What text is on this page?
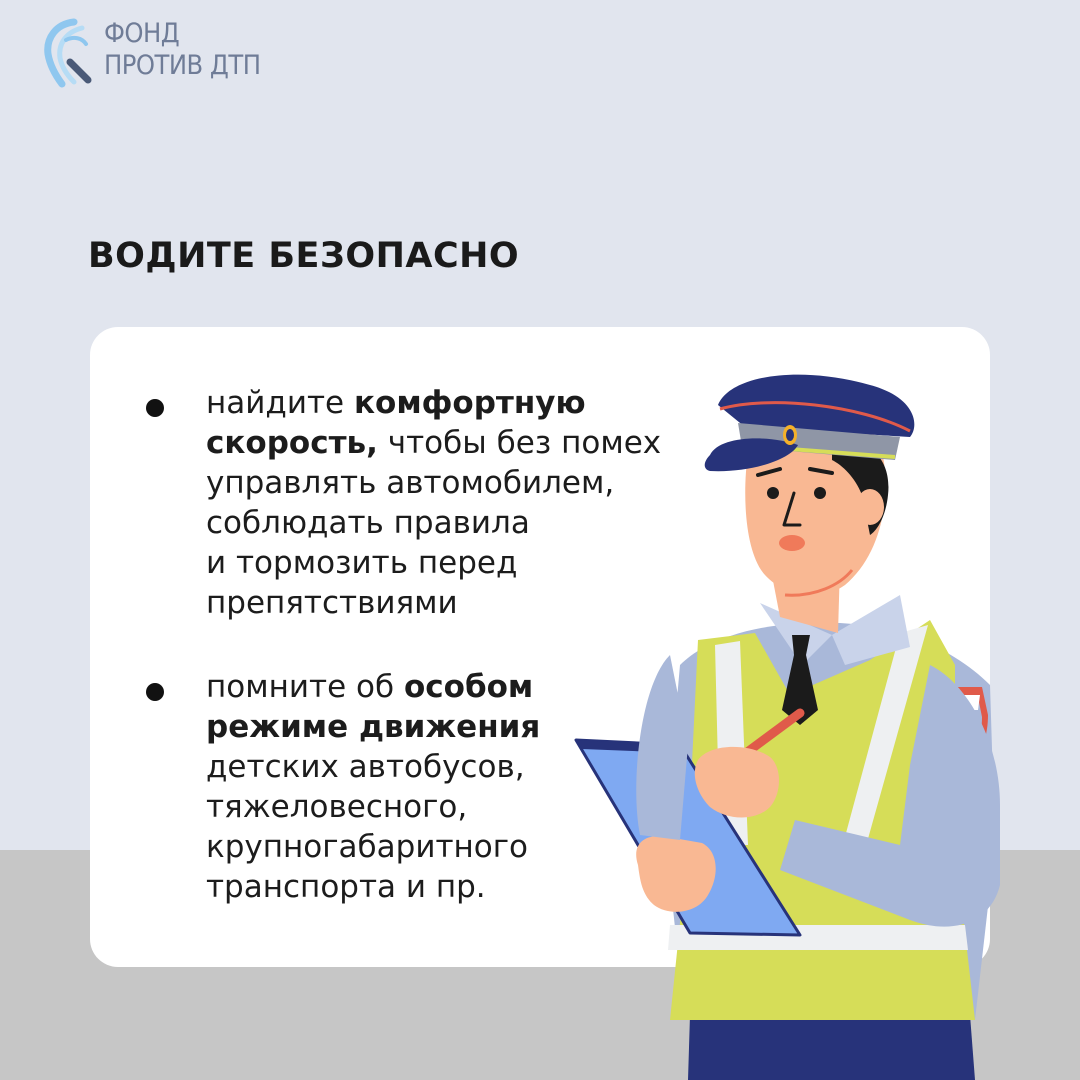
ФОНД
ПРОТИВ ДТП
ВОДИТЕ БЕЗОПАСНО
найдите комфортную
скорость, чтобы без помех
управлять автомобилем,
соблюдать правила
и тормозить перед
препятствиями
помните об особом
режиме движения
детских автобусов,
тяжеловесного,
крупногабаритного
транспорта и пр.
